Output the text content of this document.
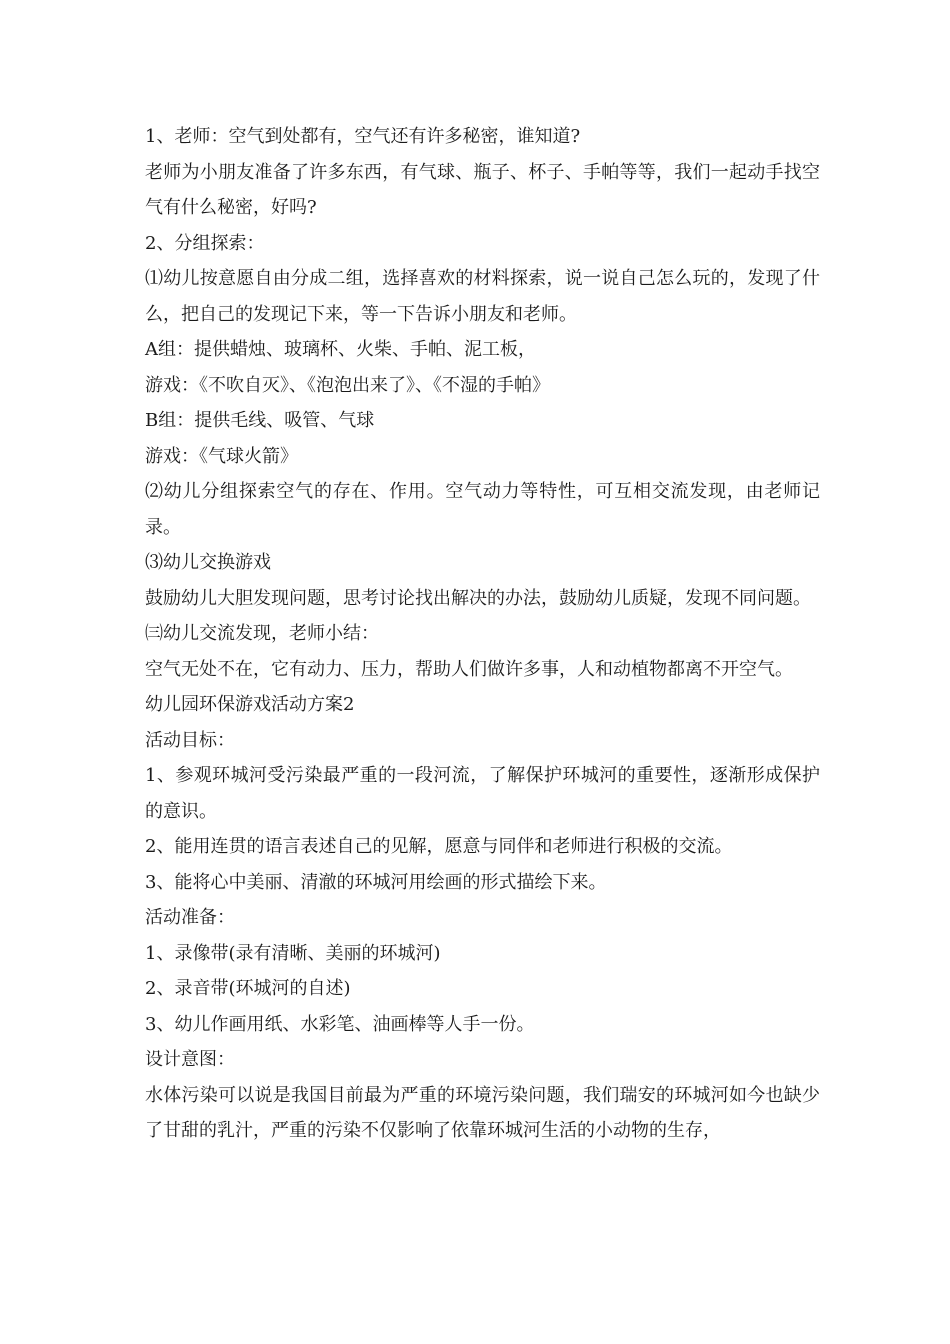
1、老师：空气到处都有，空气还有许多秘密，谁知道?

老师为小朋友准备了许多东西，有气球、瓶子、杯子、手帕等等，我们一起动手找空气有什么秘密，好吗?

2、分组探索：

⑴幼儿按意愿自由分成二组，选择喜欢的材料探索，说一说自己怎么玩的，发现了什么，把自己的发现记下来，等一下告诉小朋友和老师。

A组：提供蜡烛、玻璃杯、火柴、手帕、泥工板，

游戏：《不吹自灭》、《泡泡出来了》、《不湿的手帕》

B组：提供毛线、吸管、气球

游戏：《气球火箭》

⑵幼儿分组探索空气的存在、作用。空气动力等特性，可互相交流发现，由老师记录。

⑶幼儿交换游戏

鼓励幼儿大胆发现问题，思考讨论找出解决的办法，鼓励幼儿质疑，发现不同问题。

㈢幼儿交流发现，老师小结：

空气无处不在，它有动力、压力，帮助人们做许多事，人和动植物都离不开空气。

幼儿园环保游戏活动方案2

活动目标：

1、参观环城河受污染最严重的一段河流，了解保护环城河的重要性，逐渐形成保护的意识。

2、能用连贯的语言表述自己的见解，愿意与同伴和老师进行积极的交流。

3、能将心中美丽、清澈的环城河用绘画的形式描绘下来。

活动准备：

1、录像带(录有清晰、美丽的环城河)

2、录音带(环城河的自述)

3、幼儿作画用纸、水彩笔、油画棒等人手一份。

设计意图：

水体污染可以说是我国目前最为严重的环境污染问题，我们瑞安的环城河如今也缺少了甘甜的乳汁，严重的污染不仅影响了依靠环城河生活的小动物的生存，
